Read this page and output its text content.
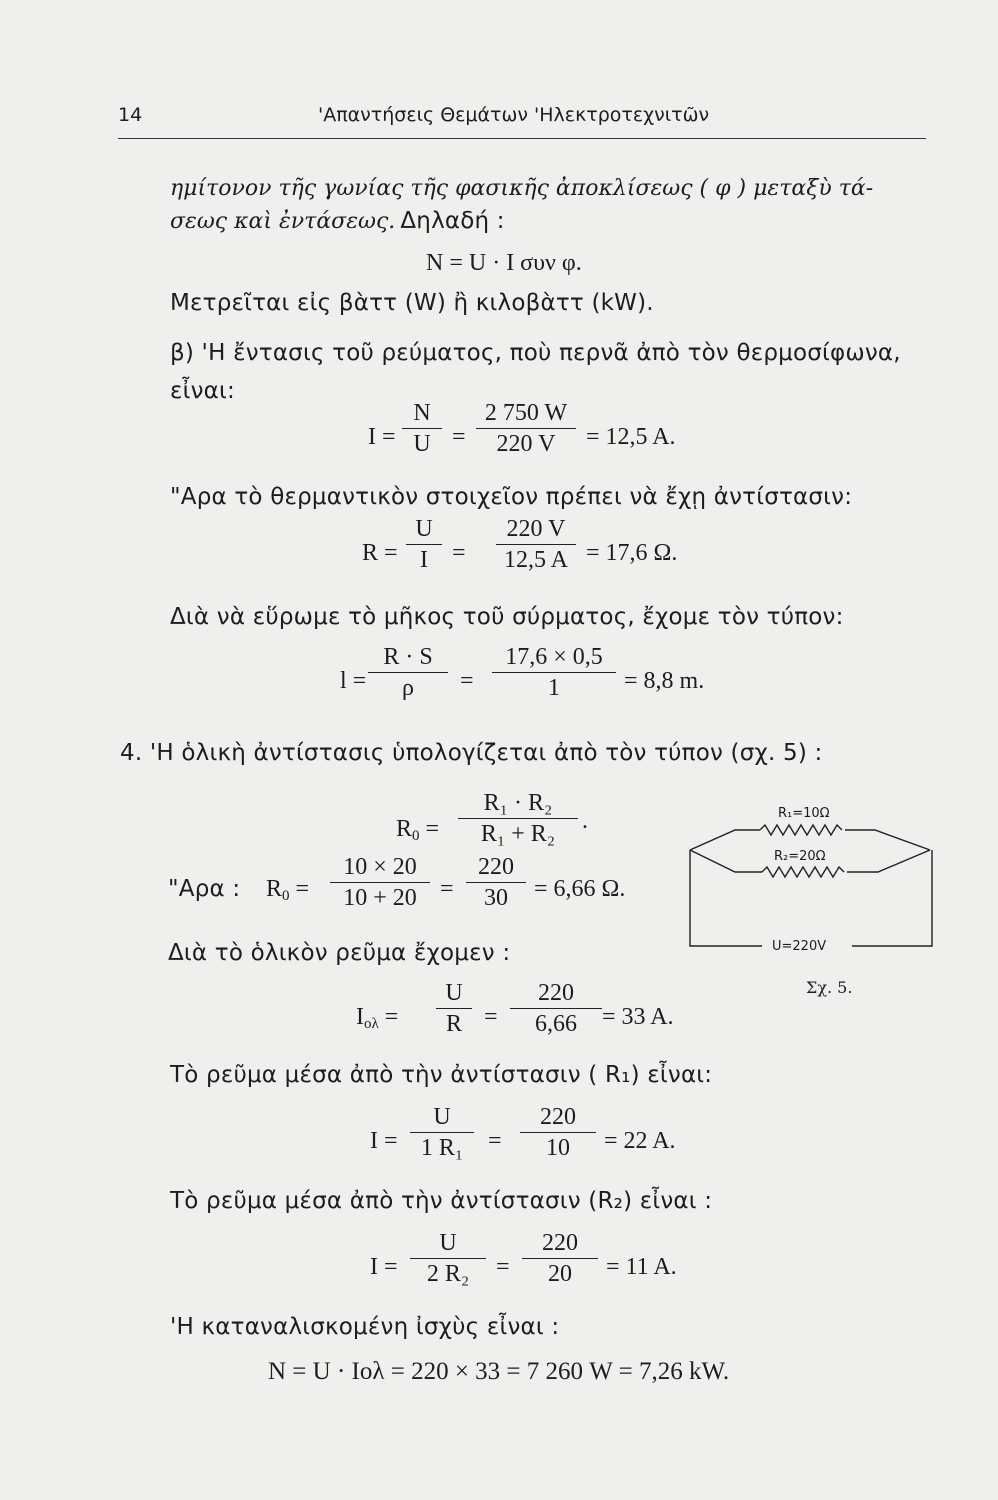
14	'Απαντήσεις Θεμάτων 'Ηλεκτροτεχνιτῶν
ημίτονον τῆς γωνίας τῆς φασικῆς ἀποκλίσεως ( φ ) μεταξὺ τά-
σεως καὶ ἐντάσεως. Δηλαδή :
N = U · I συν φ.
Μετρεῖται εἰς βὰττ (W) ἢ κιλοβὰττ (kW).
β) 'Η ἔντασις τοῦ ρεύματος, ποὺ περνᾶ ἀπὸ τὸν θερμοσίφωνα,
εἶναι:
I =
N
U =
2 750 W
220 V	= 12,5 A.
"Αρα τὸ θερμαντικὸν στοιχεῖον πρέπει νὰ ἔχῃ ἀντίστασιν:
R =
U
I	=
220 V
12,5 A = 17,6 Ω.
Διὰ νὰ εὕρωμε τὸ μῆκος τοῦ σύρματος, ἔχομε τὸν τύπον:
l =
R · S
ρ	=
17,6 × 0,5
1	= 8,8 m.
4. 'Η ὁλικὴ ἀντίστασις ὑπολογίζεται ἀπὸ τὸν τύπον (σχ. 5) :
$R_0$ =
R₁ · R₂
R₁ + R₂	.
"Αρα : $R_0$ =
10 × 20
10 + 20 =
220
30	= 6,66 Ω.
Διὰ τὸ ὁλικὸν ρεῦμα ἔχομεν :
$I_{o\lambda}$ =
U
R =
220
6,66	= 33 A.
Τὸ ρεῦμα μέσα ἀπὸ τὴν ἀντίστασιν ( R₁) εἶναι:
I =
U
1 R₁	=
220
10	= 22 A.
Τὸ ρεῦμα μέσα ἀπὸ τὴν ἀντίστασιν (R₂) εἶναι :
I =
U
2 R₂	=
220
20	= 11 A.
'Η καταναλισκομένη ἰσχὺς εἶναι :
N = U · Iολ = 220 × 33 = 7 260 W = 7,26 kW.
R₁=10Ω
R₂=20Ω
U=220V
Σχ. 5.
